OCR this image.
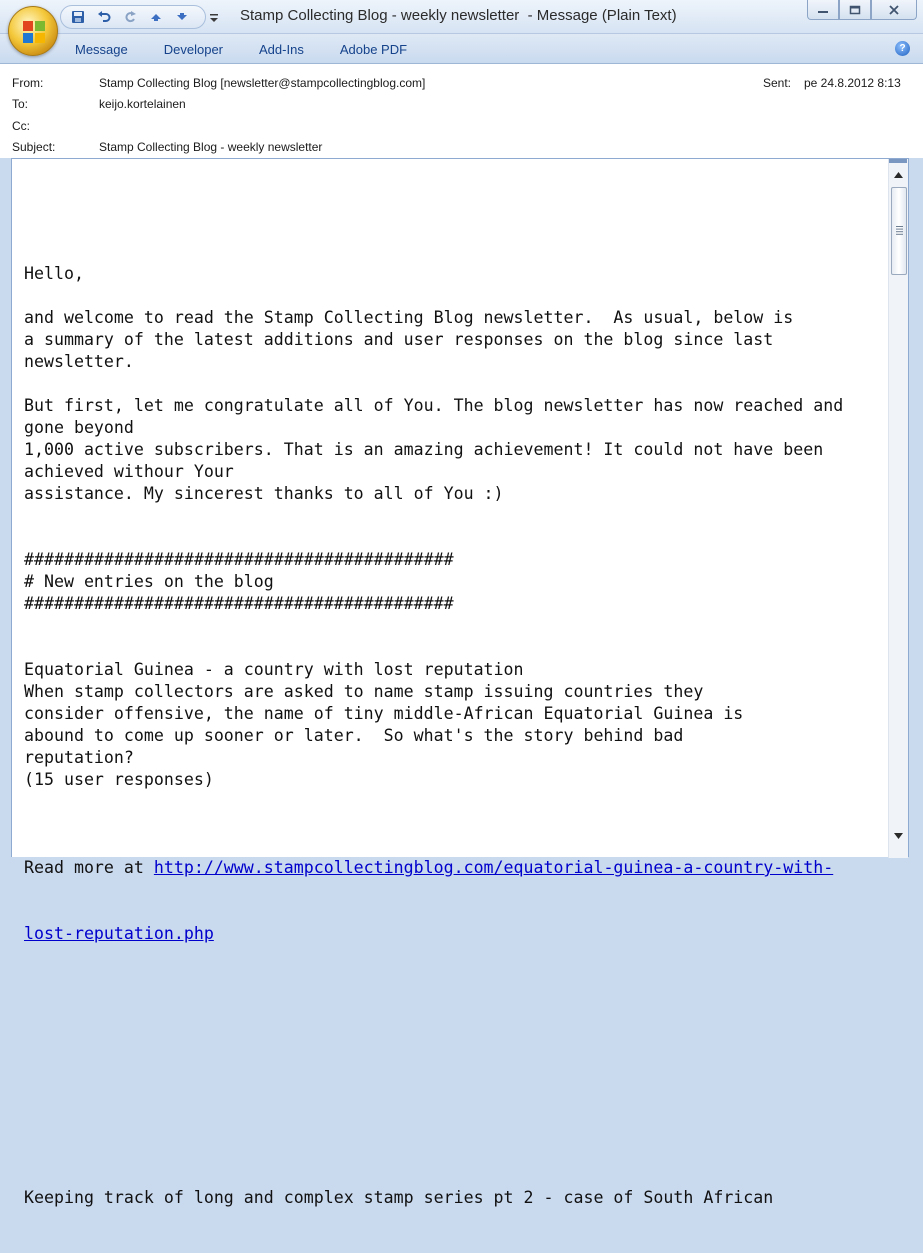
Stamp Collecting Blog - weekly newsletter  - Message (Plain Text)
Message	Developer	Add-Ins	Adobe PDF	?
From:	Stamp Collecting Blog [newsletter@stampcollectingblog.com]	Sent: pe 24.8.2012 8:13
To:	keijo.kortelainen
Cc:
Subject:	Stamp Collecting Blog - weekly newsletter

Hello,
and welcome to read the Stamp Collecting Blog newsletter.  As usual, below is
a summary of the latest additions and user responses on the blog since last
newsletter.
But first, let me congratulate all of You. The blog newsletter has now reached and
gone beyond
1,000 active subscribers. That is an amazing achievement! It could not have been
achieved withour Your
assistance. My sincerest thanks to all of You :)
###########################################
# New entries on the blog
###########################################
Equatorial Guinea - a country with lost reputation
When stamp collectors are asked to name stamp issuing countries they
consider offensive, the name of tiny middle-African Equatorial Guinea is
abound to come up sooner or later.  So what's the story behind bad
reputation?
(15 user responses)

Read more at http://www.stampcollectingblog.com/equatorial-guinea-a-country-with-

lost-reputation.php

Keeping track of long and complex stamp series pt 2 - case of South African
